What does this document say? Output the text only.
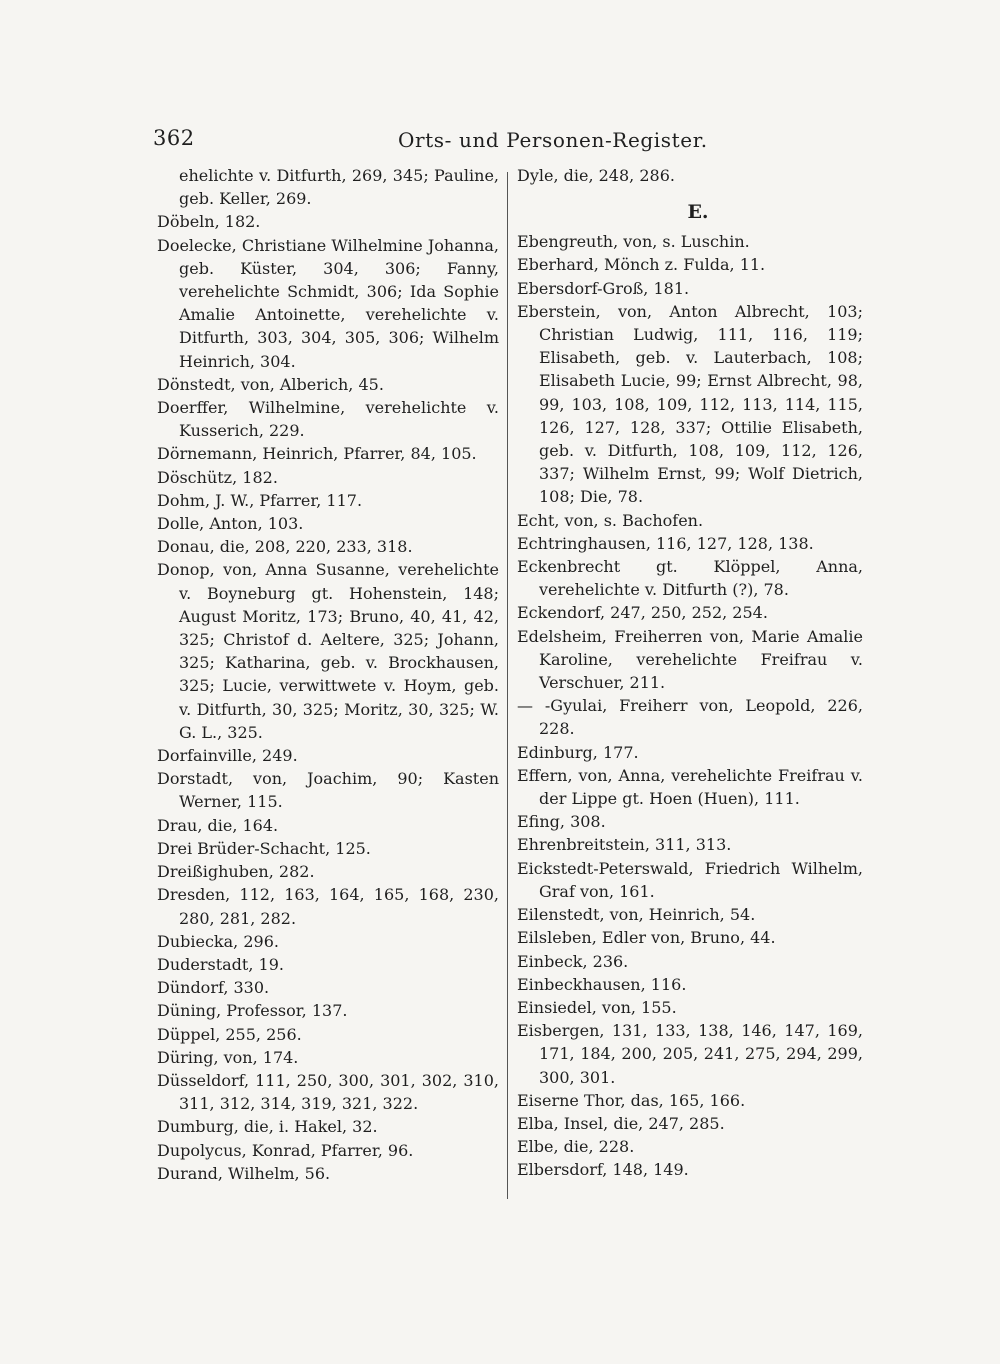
362	Orts- und Personen-Register.

ehelichte v. Ditfurth, 269, 345; Pauline, geb. Keller, 269.

Döbeln, 182.

Doelecke, Christiane Wilhelmine Johanna, geb. Küster, 304, 306; Fanny, verehelichte Schmidt, 306; Ida Sophie Amalie Antoinette, verehelichte v. Ditfurth, 303, 304, 305, 306; Wilhelm Heinrich, 304.

Dönstedt, von, Alberich, 45.

Doerffer, Wilhelmine, verehelichte v. Kusserich, 229.

Dörnemann, Heinrich, Pfarrer, 84, 105.

Döschütz, 182.

Dohm, J. W., Pfarrer, 117.

Dolle, Anton, 103.

Donau, die, 208, 220, 233, 318.

Donop, von, Anna Susanne, verehelichte v. Boyneburg gt. Hohenstein, 148; August Moritz, 173; Bruno, 40, 41, 42, 325; Christof d. Aeltere, 325; Johann, 325; Katharina, geb. v. Brockhausen, 325; Lucie, verwittwete v. Hoym, geb. v. Ditfurth, 30, 325; Moritz, 30, 325; W. G. L., 325.

Dorfainville, 249.

Dorstadt, von, Joachim, 90; Kasten Werner, 115.

Drau, die, 164.

Drei Brüder-Schacht, 125.

Dreißighuben, 282.

Dresden, 112, 163, 164, 165, 168, 230, 280, 281, 282.

Dubiecka, 296.

Duderstadt, 19.

Dündorf, 330.

Düning, Professor, 137.

Düppel, 255, 256.

Düring, von, 174.

Düsseldorf, 111, 250, 300, 301, 302, 310, 311, 312, 314, 319, 321, 322.

Dumburg, die, i. Hakel, 32.

Dupolycus, Konrad, Pfarrer, 96.

Durand, Wilhelm, 56.

Dyle, die, 248, 286.

E.

Ebengreuth, von, s. Luschin.

Eberhard, Mönch z. Fulda, 11.

Ebersdorf-Groß, 181.

Eberstein, von, Anton Albrecht, 103; Christian Ludwig, 111, 116, 119; Elisabeth, geb. v. Lauterbach, 108; Elisabeth Lucie, 99; Ernst Albrecht, 98, 99, 103, 108, 109, 112, 113, 114, 115, 126, 127, 128, 337; Ottilie Elisabeth, geb. v. Ditfurth, 108, 109, 112, 126, 337; Wilhelm Ernst, 99; Wolf Dietrich, 108; Die, 78.

Echt, von, s. Bachofen.

Echtringhausen, 116, 127, 128, 138.

Eckenbrecht gt. Klöppel, Anna, verehelichte v. Ditfurth (?), 78.

Eckendorf, 247, 250, 252, 254.

Edelsheim, Freiherren von, Marie Amalie Karoline, verehelichte Freifrau v. Verschuer, 211.

— -Gyulai, Freiherr von, Leopold, 226, 228.

Edinburg, 177.

Effern, von, Anna, verehelichte Freifrau v. der Lippe gt. Hoen (Huen), 111.

Efing, 308.

Ehrenbreitstein, 311, 313.

Eickstedt-Peterswald, Friedrich Wilhelm, Graf von, 161.

Eilenstedt, von, Heinrich, 54.

Eilsleben, Edler von, Bruno, 44.

Einbeck, 236.

Einbeckhausen, 116.

Einsiedel, von, 155.

Eisbergen, 131, 133, 138, 146, 147, 169, 171, 184, 200, 205, 241, 275, 294, 299, 300, 301.

Eiserne Thor, das, 165, 166.

Elba, Insel, die, 247, 285.

Elbe, die, 228.

Elbersdorf, 148, 149.
